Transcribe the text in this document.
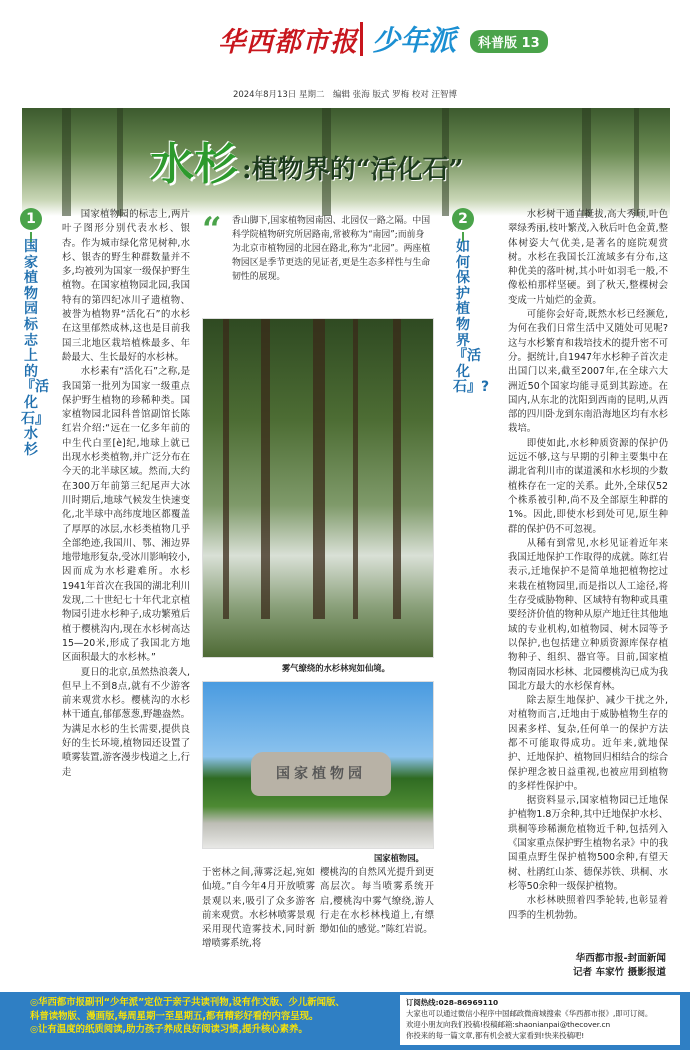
华西都市报 少年派	科普版 13
2024年8月13日 星期二　编辑 张海 版式 罗梅 校对 汪智博
水杉 :植物界的“活化石”
1
国家植物园标志上的『活化石』水杉

国家植物园的标志上,两片叶子图形分别代表水杉、银杏。作为城市绿化常见树种,水杉、银杏的野生种群数量并不多,均被列为国家一级保护野生植物。在国家植物园北园,我国特有的第四纪冰川孑遗植物、被誉为植物界“活化石”的水杉在这里郁然成林,这也是目前我国三北地区栽培植株最多、年龄最大、生长最好的水杉林。

水杉素有“活化石”之称,是我国第一批列为国家一级重点保护野生植物的珍稀种类。国家植物园北园科普馆副馆长陈红岩介绍:“远在一亿多年前的中生代白垩[è]纪,地球上就已出现水杉类植物,并广泛分布在今天的北半球区域。然而,大约在300万年前第三纪尾声大冰川时期后,地球气候发生快速变化,北半球中高纬度地区都覆盖了厚厚的冰层,水杉类植物几乎全部绝迹,我国川、鄂、湘边界地带地形复杂,受冰川影响较小,因而成为水杉避难所。水杉1941年首次在我国的湖北利川发现,二十世纪七十年代北京植物园引进水杉种子,成功繁殖后植于樱桃沟内,现在水杉树高达15—20米,形成了我国北方地区面积最大的水杉林。”

夏日的北京,虽然热浪袭人,但早上不到8点,就有不少游客前来观赏水杉。樱桃沟的水杉林干通直,郁郁葱葱,野趣盎然。为满足水杉的生长需要,提供良好的生长环境,植物园还设置了喷雾装置,游客漫步栈道之上,行走

“ 香山脚下,国家植物园南园、北园仅一路之隔。中国科学院植物研究所居路南,常被称为“南园”;而前身为北京市植物园的北园在路北,称为“北园”。两座植物园区是季节更迭的见证者,更是生态多样性与生命韧性的展现。
雾气缭绕的水杉林宛如仙境。
国家植物园
国家植物园。

于密林之间,薄雾泛起,宛如仙境。”自今年4月开放喷雾景观以来,吸引了众多游客前来观赏。水杉林喷雾景观采用现代造雾技术,同时新增喷雾系统,将

樱桃沟的自然风光提升到更高层次。每当喷雾系统开启,樱桃沟中雾气缭绕,游人行走在水杉林栈道上,有缥缈如仙的感觉。”陈红岩说。

2
如何保护植物界『活化石』?

水杉树干通直挺拔,高大秀颀,叶色翠绿秀丽,枝叶繁茂,入秋后叶色金黄,整体树姿大气优美,是著名的庭院观赏树。水杉在我国长江流域多有分布,这种优美的落叶树,其小叶如羽毛一般,不像松柏那样坚硬。到了秋天,整棵树会变成一片灿烂的金黄。

可能你会好奇,既然水杉已经濒危,为何在我们日常生活中又随处可见呢?这与水杉繁育和栽培技术的提升密不可分。据统计,自1947年水杉种子首次走出国门以来,截至2007年,在全球六大洲近50个国家均能寻觅到其踪迹。在国内,从东北的沈阳到西南的昆明,从西部的四川卧龙到东南沿海地区均有水杉栽培。

即使如此,水杉种质资源的保护仍远远不够,这与早期的引种主要集中在湖北省利川市的谋道溪和水杉坝的少数植株存在一定的关系。此外,全球仅52个株系被引种,尚不及全部原生种群的1%。因此,即使水杉到处可见,原生种群的保护仍不可忽视。

从稀有到常见,水杉见证着近年来我国迁地保护工作取得的成就。陈红岩表示,迁地保护不是简单地把植物挖过来栽在植物园里,而是指以人工途径,将生存受威胁物种、区域特有物种或具重要经济价值的物种从原产地迁往其他地域的专业机构,如植物园、树木园等予以保护,也包括建立种质资源库保存植物种子、组织、器官等。目前,国家植物园南园水杉林、北园樱桃沟已成为我国北方最大的水杉保育林。

除去原生地保护、减少干扰之外,对植物而言,迁地由于威胁植物生存的因素多样、复杂,任何单一的保护方法都不可能取得成功。近年来,就地保护、迁地保护、植物回归相结合的综合保护理念被日益重视,也被应用到植物的多样性保护中。

据资料显示,国家植物园已迁地保护植物1.8万余种,其中迁地保护水杉、珙桐等珍稀濒危植物近千种,包括列入《国家重点保护野生植物名录》中的我国重点野生保护植物500余种,有望天树、杜鹃红山茶、德保苏铁、珙桐、水杉等50余种一级保护植物。

水杉林映照着四季轮转,也彰显着四季的生机勃勃。

华西都市报-封面新闻
记者 车家竹 摄影报道
◎华西都市报副刊“少年派”定位于亲子共读刊物,设有作文版、少儿新闻版、
科普读物版、漫画版,每周星期一至星期五,都有精彩好看的内容呈现。
◎让有温度的纸质阅读,助力孩子养成良好阅读习惯,提升核心素养。
订阅热线:028-86969110
大家也可以通过微信小程序中国邮政微商城搜索《华西都市报》,即可订阅。
欢迎小朋友向我们投稿!投稿邮箱:shaonianpai@thecover.cn
你投来的每一篇文章,都有机会被大家看到!快来投稿吧!
